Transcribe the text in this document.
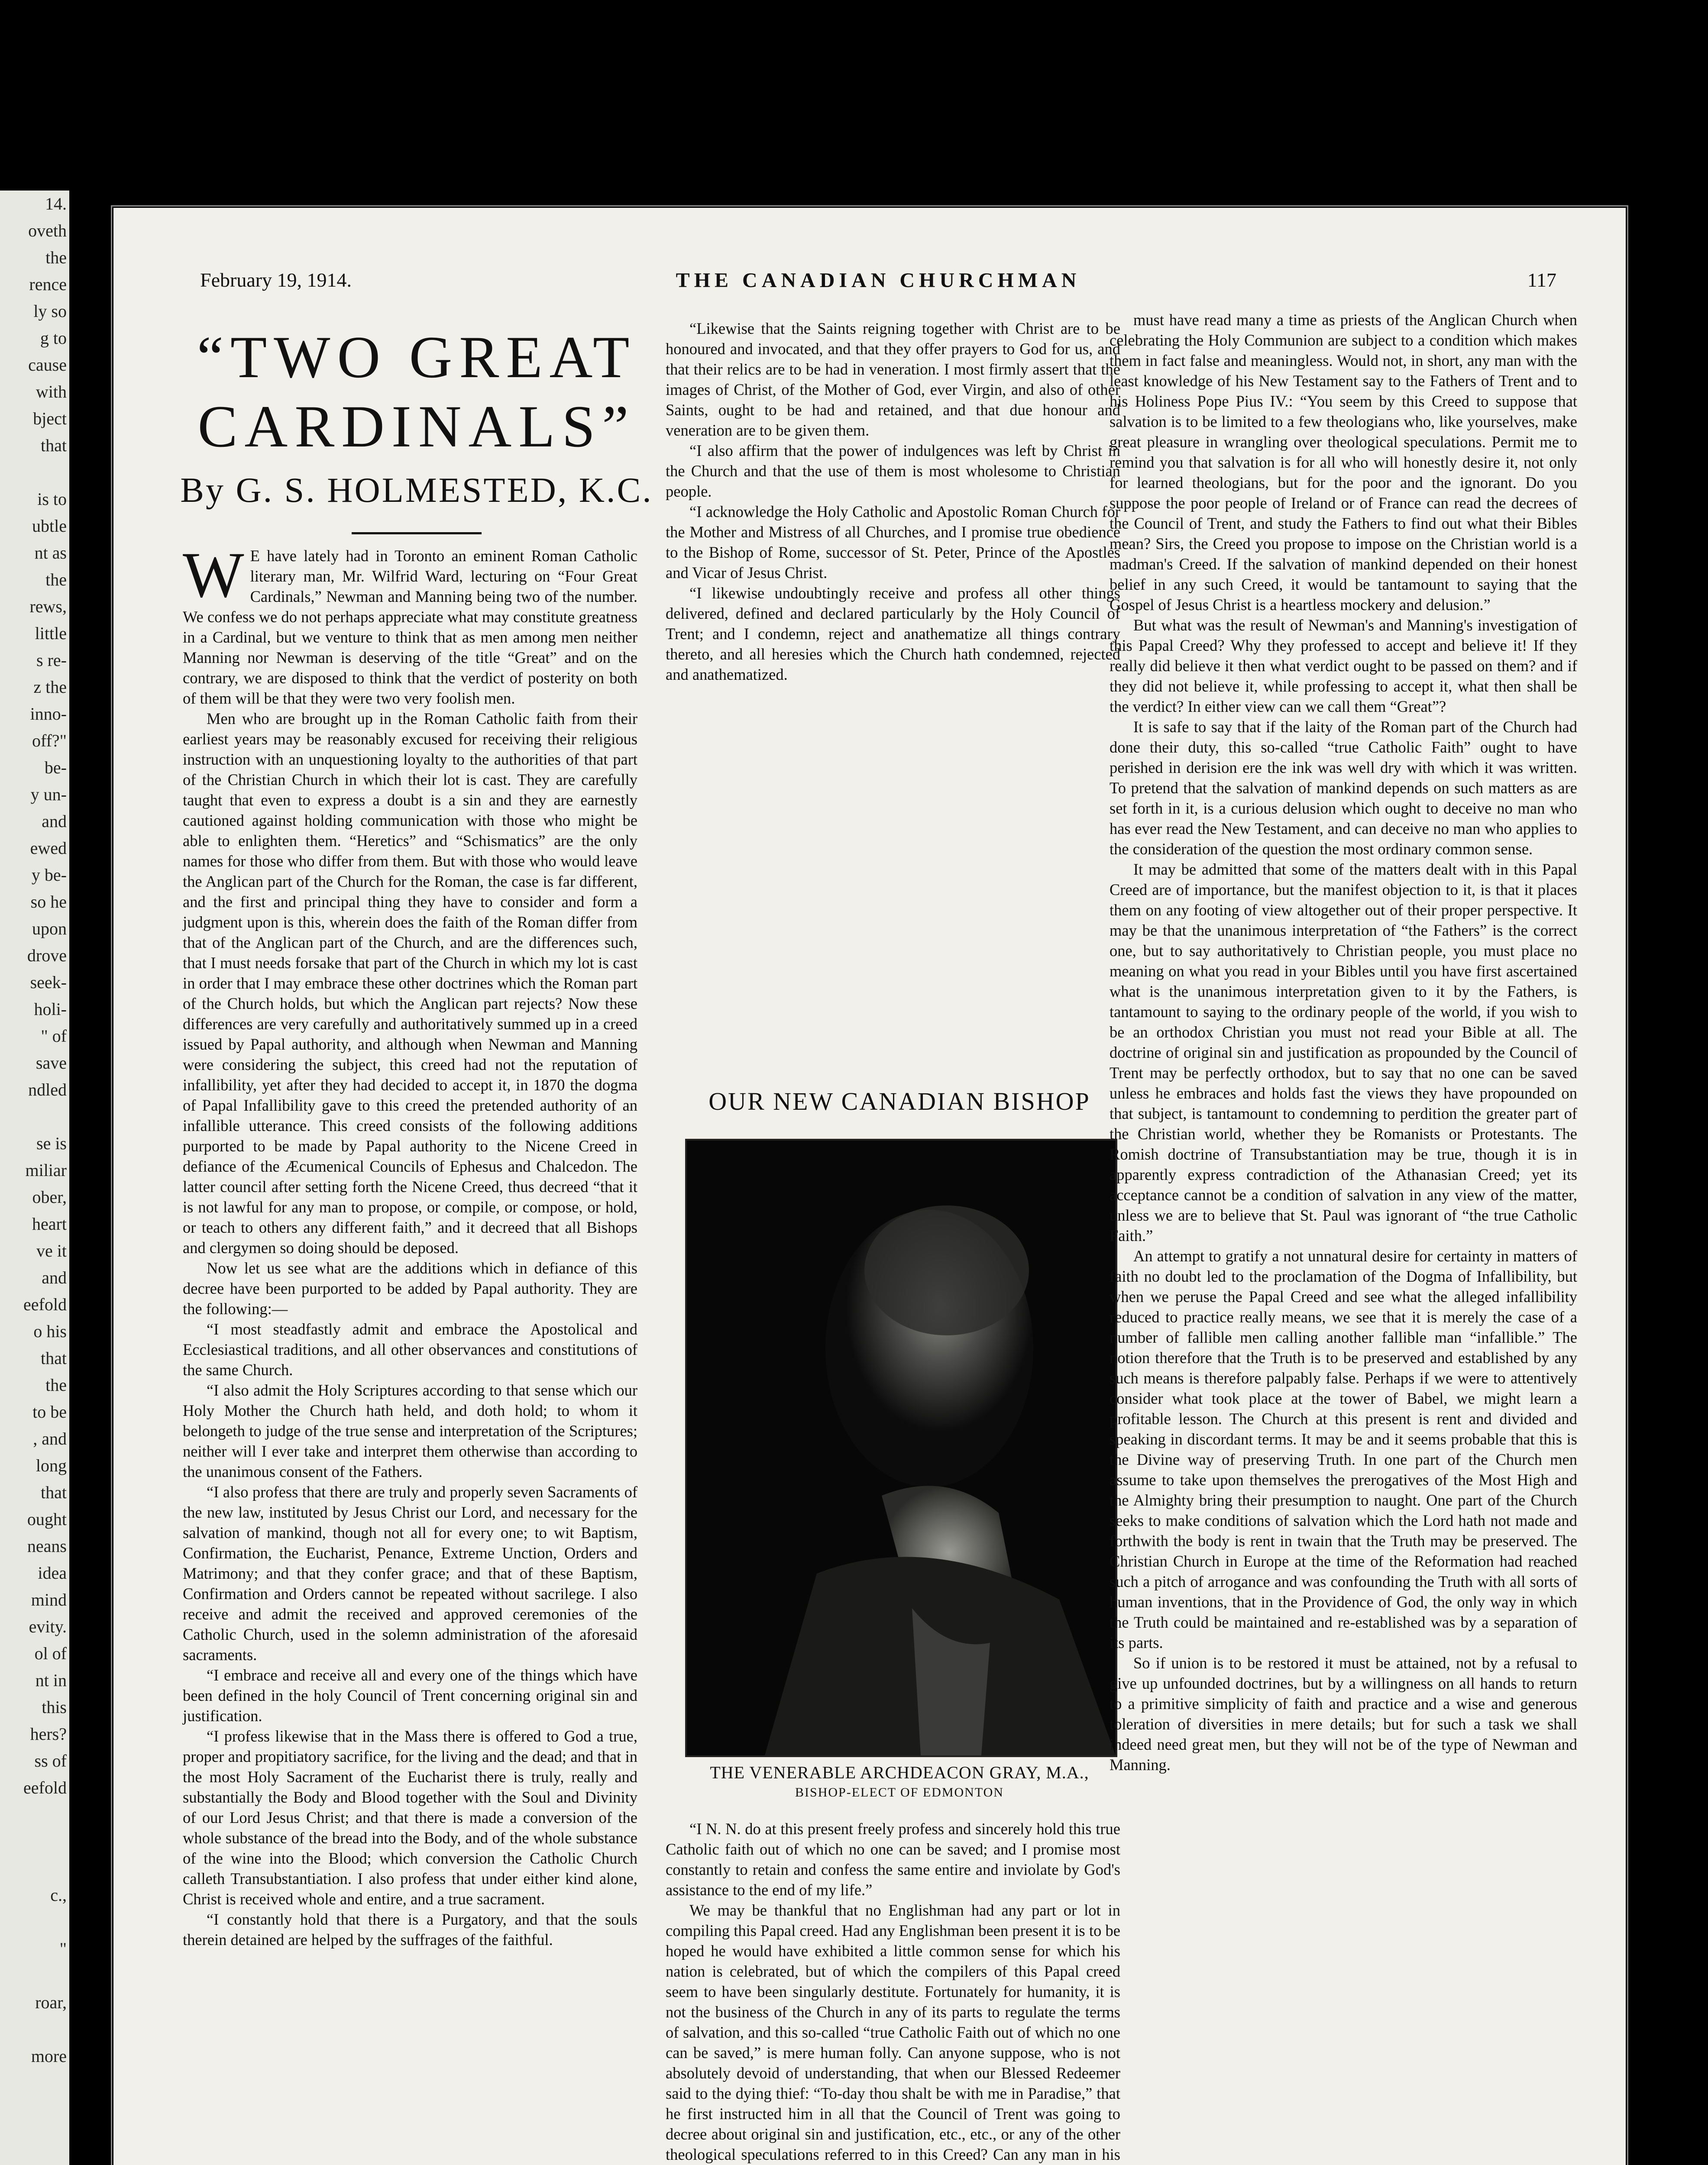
14.
oveth
the
rence
ly so
g to
cause
with
bject
that

is to
ubtle
nt as
the
rews,
little
s re-
z the
inno-
off?"
be-
y un-
and
ewed
y be-
so he
upon
drove
seek-
holi-
" of
save
ndled

se is
miliar
ober,
heart
ve it
and
eefold
o his
that
the
to be
, and
long
that
ought
neans
idea
mind
evity.
ol of
nt in
this
hers?
ss of
eefold

c.,

"

roar,

more

February 19, 1914.	THE CANADIAN CHURCHMAN	117
“TWO GREAT CARDINALS”
By G. S. HOLMESTED, K.C.

W E have lately had in Toronto an eminent Roman Catholic literary man, Mr. Wilfrid Ward, lecturing on “Four Great Cardinals,” Newman and Manning being two of the number. We confess we do not perhaps appreciate what may constitute greatness in a Cardinal, but we venture to think that as men among men neither Manning nor Newman is deserving of the title “Great” and on the contrary, we are disposed to think that the verdict of posterity on both of them will be that they were two very foolish men.

Men who are brought up in the Roman Catholic faith from their earliest years may be reasonably excused for receiving their religious instruction with an unquestioning loyalty to the authorities of that part of the Christian Church in which their lot is cast. They are carefully taught that even to express a doubt is a sin and they are earnestly cautioned against holding communication with those who might be able to enlighten them. “Heretics” and “Schismatics” are the only names for those who differ from them. But with those who would leave the Anglican part of the Church for the Roman, the case is far different, and the first and principal thing they have to consider and form a judgment upon is this, wherein does the faith of the Roman differ from that of the Anglican part of the Church, and are the differences such, that I must needs forsake that part of the Church in which my lot is cast in order that I may embrace these other doctrines which the Roman part of the Church holds, but which the Anglican part rejects? Now these differences are very carefully and authoritatively summed up in a creed issued by Papal authority, and although when Newman and Manning were considering the subject, this creed had not the reputation of infallibility, yet after they had decided to accept it, in 1870 the dogma of Papal Infallibility gave to this creed the pretended authority of an infallible utterance. This creed consists of the following additions purported to be made by Papal authority to the Nicene Creed in defiance of the Æcumenical Councils of Ephesus and Chalcedon. The latter council after setting forth the Nicene Creed, thus decreed “that it is not lawful for any man to propose, or compile, or compose, or hold, or teach to others any different faith,” and it decreed that all Bishops and clergymen so doing should be deposed.

Now let us see what are the additions which in defiance of this decree have been purported to be added by Papal authority. They are the following:—

“I most steadfastly admit and embrace the Apostolical and Ecclesiastical traditions, and all other observances and constitutions of the same Church.

“I also admit the Holy Scriptures according to that sense which our Holy Mother the Church hath held, and doth hold; to whom it belongeth to judge of the true sense and interpretation of the Scriptures; neither will I ever take and interpret them otherwise than according to the unanimous consent of the Fathers.

“I also profess that there are truly and properly seven Sacraments of the new law, instituted by Jesus Christ our Lord, and necessary for the salvation of mankind, though not all for every one; to wit Baptism, Confirmation, the Eucharist, Penance, Extreme Unction, Orders and Matrimony; and that they confer grace; and that of these Baptism, Confirmation and Orders cannot be repeated without sacrilege. I also receive and admit the received and approved ceremonies of the Catholic Church, used in the solemn administration of the aforesaid sacraments.

“I embrace and receive all and every one of the things which have been defined in the holy Council of Trent concerning original sin and justification.

“I profess likewise that in the Mass there is offered to God a true, proper and propitiatory sacrifice, for the living and the dead; and that in the most Holy Sacrament of the Eucharist there is truly, really and substantially the Body and Blood together with the Soul and Divinity of our Lord Jesus Christ; and that there is made a conversion of the whole substance of the bread into the Body, and of the whole substance of the wine into the Blood; which conversion the Catholic Church calleth Transubstantiation. I also profess that under either kind alone, Christ is received whole and entire, and a true sacrament.

“I constantly hold that there is a Purgatory, and that the souls therein detained are helped by the suffrages of the faithful.

“Likewise that the Saints reigning together with Christ are to be honoured and invocated, and that they offer prayers to God for us, and that their relics are to be had in veneration. I most firmly assert that the images of Christ, of the Mother of God, ever Virgin, and also of other Saints, ought to be had and retained, and that due honour and veneration are to be given them.

“I also affirm that the power of indulgences was left by Christ in the Church and that the use of them is most wholesome to Christian people.

“I acknowledge the Holy Catholic and Apostolic Roman Church for the Mother and Mistress of all Churches, and I promise true obedience to the Bishop of Rome, successor of St. Peter, Prince of the Apostles and Vicar of Jesus Christ.

“I likewise undoubtingly receive and profess all other things delivered, defined and declared particularly by the Holy Council of Trent; and I condemn, reject and anathematize all things contrary thereto, and all heresies which the Church hath condemned, rejected and anathematized.

OUR NEW CANADIAN BISHOP
THE VENERABLE ARCHDEACON GRAY, M.A.,
BISHOP-ELECT OF EDMONTON

“I N. N. do at this present freely profess and sincerely hold this true Catholic faith out of which no one can be saved; and I promise most constantly to retain and confess the same entire and inviolate by God's assistance to the end of my life.”

We may be thankful that no Englishman had any part or lot in compiling this Papal creed. Had any Englishman been present it is to be hoped he would have exhibited a little common sense for which his nation is celebrated, but of which the compilers of this Papal creed seem to have been singularly destitute. Fortunately for humanity, it is not the business of the Church in any of its parts to regulate the terms of salvation, and this so-called “true Catholic Faith out of which no one can be saved,” is mere human folly. Can anyone suppose, who is not absolutely devoid of understanding, that when our Blessed Redeemer said to the dying thief: “To-day thou shalt be with me in Paradise,” that he first instructed him in all that the Council of Trent was going to decree about original sin and justification, etc., etc., or any of the other theological speculations referred to in this Creed? Can any man in his

must have read many a time as priests of the Anglican Church when celebrating the Holy Communion are subject to a condition which makes them in fact false and meaningless. Would not, in short, any man with the least knowledge of his New Testament say to the Fathers of Trent and to his Holiness Pope Pius IV.: “You seem by this Creed to suppose that salvation is to be limited to a few theologians who, like yourselves, make great pleasure in wrangling over theological speculations. Permit me to remind you that salvation is for all who will honestly desire it, not only for learned theologians, but for the poor and the ignorant. Do you suppose the poor people of Ireland or of France can read the decrees of the Council of Trent, and study the Fathers to find out what their Bibles mean? Sirs, the Creed you propose to impose on the Christian world is a madman's Creed. If the salvation of mankind depended on their honest belief in any such Creed, it would be tantamount to saying that the Gospel of Jesus Christ is a heartless mockery and delusion.”

But what was the result of Newman's and Manning's investigation of this Papal Creed? Why they professed to accept and believe it! If they really did believe it then what verdict ought to be passed on them? and if they did not believe it, while professing to accept it, what then shall be the verdict? In either view can we call them “Great”?

It is safe to say that if the laity of the Roman part of the Church had done their duty, this so-called “true Catholic Faith” ought to have perished in derision ere the ink was well dry with which it was written. To pretend that the salvation of mankind depends on such matters as are set forth in it, is a curious delusion which ought to deceive no man who has ever read the New Testament, and can deceive no man who applies to the consideration of the question the most ordinary common sense.

It may be admitted that some of the matters dealt with in this Papal Creed are of importance, but the manifest objection to it, is that it places them on any footing of view altogether out of their proper perspective. It may be that the unanimous interpretation of “the Fathers” is the correct one, but to say authoritatively to Christian people, you must place no meaning on what you read in your Bibles until you have first ascertained what is the unanimous interpretation given to it by the Fathers, is tantamount to saying to the ordinary people of the world, if you wish to be an orthodox Christian you must not read your Bible at all. The doctrine of original sin and justification as propounded by the Council of Trent may be perfectly orthodox, but to say that no one can be saved unless he embraces and holds fast the views they have propounded on that subject, is tantamount to condemning to perdition the greater part of the Christian world, whether they be Romanists or Protestants. The Romish doctrine of Transubstantiation may be true, though it is in apparently express contradiction of the Athanasian Creed; yet its acceptance cannot be a condition of salvation in any view of the matter, unless we are to believe that St. Paul was ignorant of “the true Catholic Faith.”

An attempt to gratify a not unnatural desire for certainty in matters of faith no doubt led to the proclamation of the Dogma of Infallibility, but when we peruse the Papal Creed and see what the alleged infallibility reduced to practice really means, we see that it is merely the case of a number of fallible men calling another fallible man “infallible.” The notion therefore that the Truth is to be preserved and established by any such means is therefore palpably false. Perhaps if we were to attentively consider what took place at the tower of Babel, we might learn a profitable lesson. The Church at this present is rent and divided and speaking in discordant terms. It may be and it seems probable that this is the Divine way of preserving Truth. In one part of the Church men assume to take upon themselves the prerogatives of the Most High and the Almighty bring their presumption to naught. One part of the Church seeks to make conditions of salvation which the Lord hath not made and forthwith the body is rent in twain that the Truth may be preserved. The Christian Church in Europe at the time of the Reformation had reached such a pitch of arrogance and was confounding the Truth with all sorts of human inventions, that in the Providence of God, the only way in which the Truth could be maintained and re-established was by a separation of its parts.

So if union is to be restored it must be attained, not by a refusal to give up unfounded doctrines, but by a willingness on all hands to return to a primitive simplicity of faith and practice and a wise and generous toleration of diversities in mere details; but for such a task we shall indeed need great men, but they will not be of the type of Newman and Manning.
